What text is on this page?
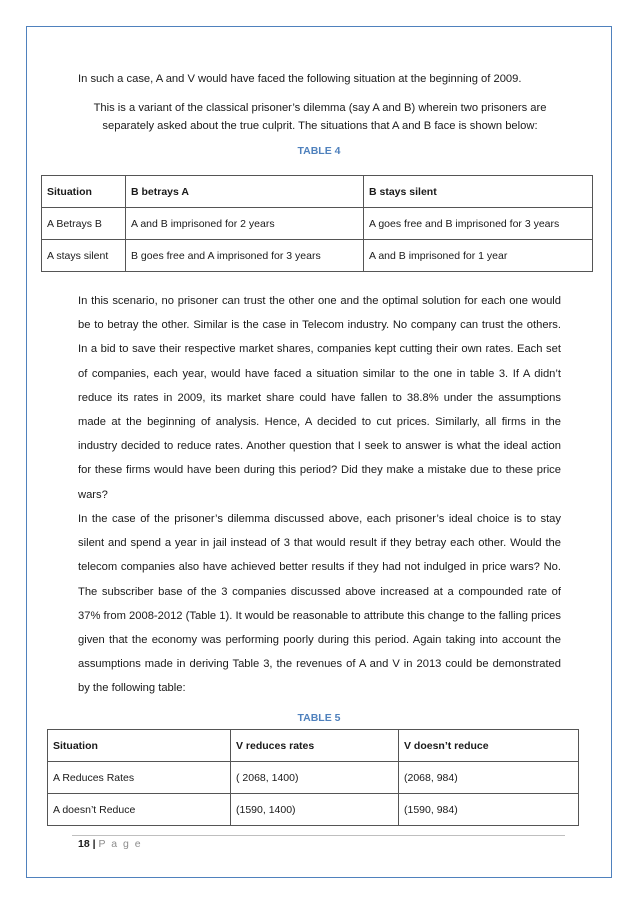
In such a case, A and V would have faced the following situation at the beginning of 2009.
This is a variant of the classical prisoner’s dilemma (say A and B) wherein two prisoners are separately asked about the true culprit. The situations that A and B face is shown below:
TABLE 4
Situation	B betrays A	B stays silent
A Betrays B	A and B imprisoned for 2 years	A goes free and B imprisoned for 3 years
A stays silent	B goes free and A imprisoned for 3 years	A and B imprisoned for 1 year
In this scenario, no prisoner can trust the other one and the optimal solution for each one would be to betray the other. Similar is the case in Telecom industry. No company can trust the others. In a bid to save their respective market shares, companies kept cutting their own rates. Each set of companies, each year, would have faced a situation similar to the one in table 3. If A didn’t reduce its rates in 2009, its market share could have fallen to 38.8% under the assumptions made at the beginning of analysis. Hence, A decided to cut prices. Similarly, all firms in the industry decided to reduce rates. Another question that I seek to answer is what the ideal action for these firms would have been during this period? Did they make a mistake due to these price wars?
In the case of the prisoner’s dilemma discussed above, each prisoner’s ideal choice is to stay silent and spend a year in jail instead of 3 that would result if they betray each other. Would the telecom companies also have achieved better results if they had not indulged in price wars? No. The subscriber base of the 3 companies discussed above increased at a compounded rate of 37% from 2008-2012 (Table 1). It would be reasonable to attribute this change to the falling prices given that the economy was performing poorly during this period. Again taking into account the assumptions made in deriving Table 3, the revenues of A and V in 2013 could be demonstrated by the following table:
TABLE 5
Situation	V reduces rates	V doesn’t reduce
A Reduces Rates	( 2068, 1400)	(2068, 984)
A doesn’t Reduce	(1590, 1400)	(1590, 984)
18 | P a g e
